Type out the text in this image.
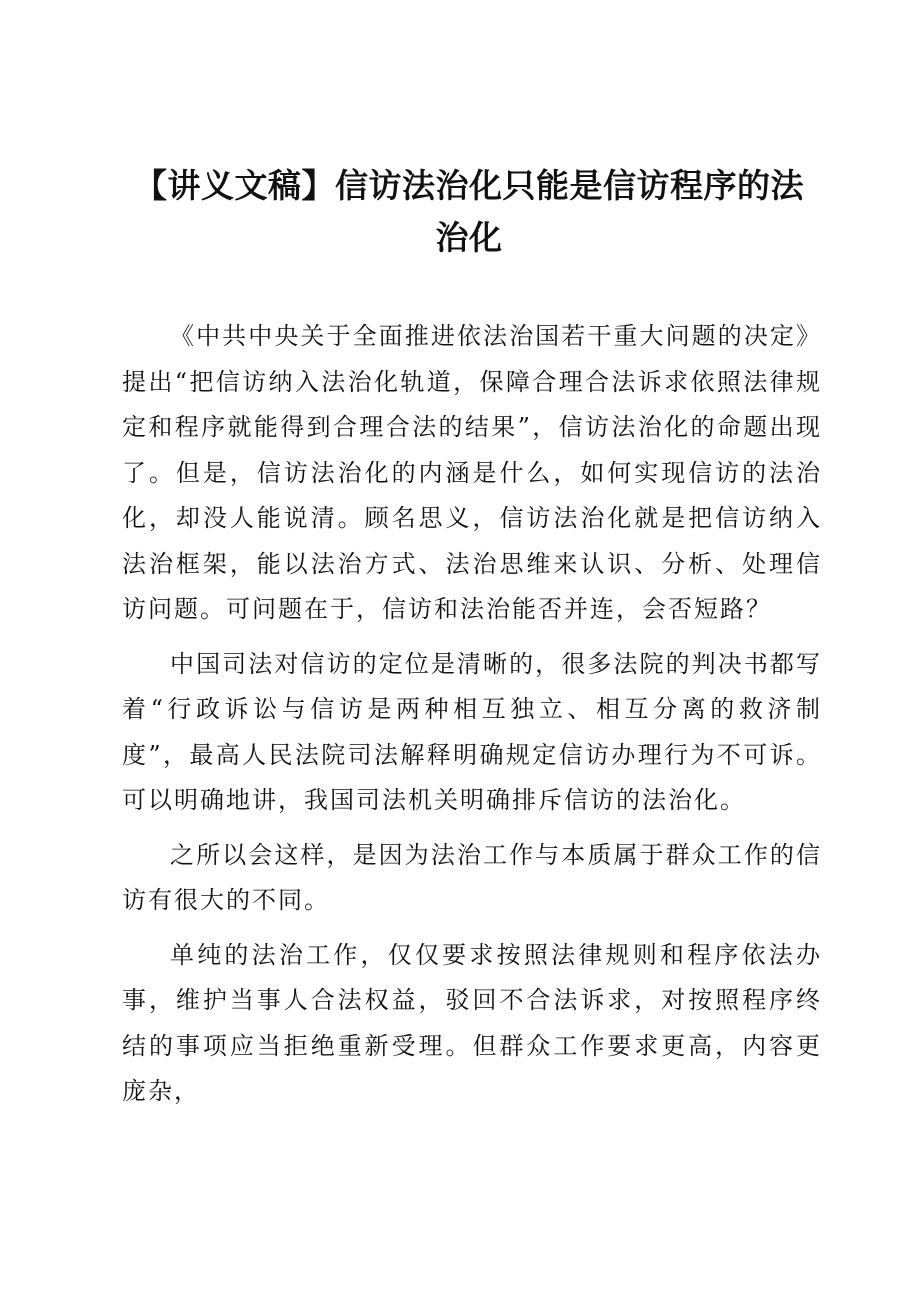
【讲义文稿】信访法治化只能是信访程序的法治化

《中共中央关于全面推进依法治国若干重大问题的决定》提出“把信访纳入法治化轨道，保障合理合法诉求依照法律规定和程序就能得到合理合法的结果”，信访法治化的命题出现了。但是，信访法治化的内涵是什么，如何实现信访的法治化，却没人能说清。顾名思义，信访法治化就是把信访纳入法治框架，能以法治方式、法治思维来认识、分析、处理信访问题。可问题在于，信访和法治能否并连，会否短路？

中国司法对信访的定位是清晰的，很多法院的判决书都写着“行政诉讼与信访是两种相互独立、相互分离的救济制度”，最高人民法院司法解释明确规定信访办理行为不可诉。可以明确地讲，我国司法机关明确排斥信访的法治化。

之所以会这样，是因为法治工作与本质属于群众工作的信访有很大的不同。

单纯的法治工作，仅仅要求按照法律规则和程序依法办事，维护当事人合法权益，驳回不合法诉求，对按照程序终结的事项应当拒绝重新受理。但群众工作要求更高，内容更庞杂，
